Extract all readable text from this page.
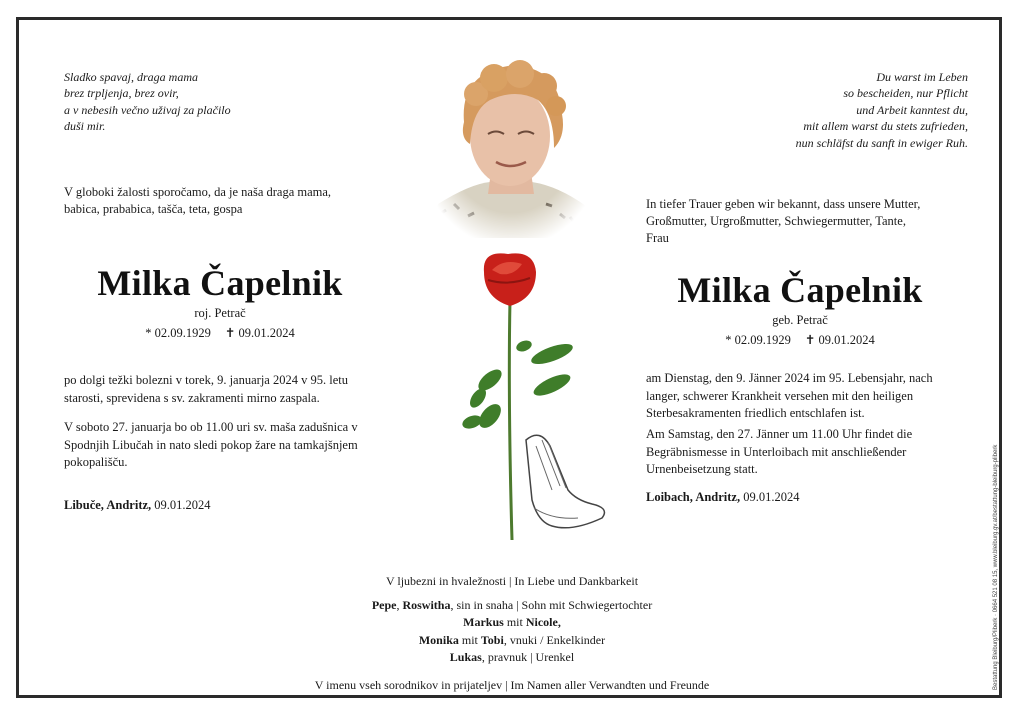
Sladko spavaj, draga mama
brez trpljenja, brez ovir,
a v nebesih večno uživaj za plačilo
duši mir.
Du warst im Leben
so bescheiden, nur Pflicht
und Arbeit kanntest du,
mit allem warst du stets zufrieden,
nun schläfst du sanft in ewiger Ruh.
V globoki žalosti sporočamo, da je naša draga mama,
babica, prababica, tašča, teta, gospa	In tiefer Trauer geben wir bekannt, dass unsere Mutter,
Großmutter, Urgroßmutter, Schwiegermutter, Tante,
Frau
Milka Čapelnik
roj. Petrač
* 02.09.1929 ✝ 09.01.2024
Milka Čapelnik
geb. Petrač
* 02.09.1929 ✝ 09.01.2024
po dolgi težki bolezni v torek, 9. januarja 2024 v 95. letu
starosti, sprevidena s sv. zakramenti mirno zaspala.
V soboto 27. januarja bo ob 11.00 uri sv. maša zadušnica v
Spodnjih Libučah in nato sledi pokop žare na tamkajšnjem
pokopališču.
Libuče, Andritz, 09.01.2024
am Dienstag, den 9. Jänner 2024 im 95. Lebensjahr, nach
langer, schwerer Krankheit versehen mit den heiligen
Sterbesakramenten friedlich entschlafen ist.
Am Samstag, den 27. Jänner um 11.00 Uhr findet die
Begräbnismesse in Unterloibach mit anschließender
Urnenbeisetzung statt.
Loibach, Andritz, 09.01.2024
V ljubezni in hvaležnosti | In Liebe und Dankbarkeit
Pepe, Roswitha, sin in snaha | Sohn mit Schwiegertochter
Markus mit Nicole,
Monika mit Tobi, vnuki / Enkelkinder
Lukas, pravnuk | Urenkel
V imenu vseh sorodnikov in prijateljev | Im Namen aller Verwandten und Freunde	Bestattung Bleiburg/Pliberk · 0664 521 08 15, www.bleiburg.gv.at/bestattung-bleiburg-pliberk
